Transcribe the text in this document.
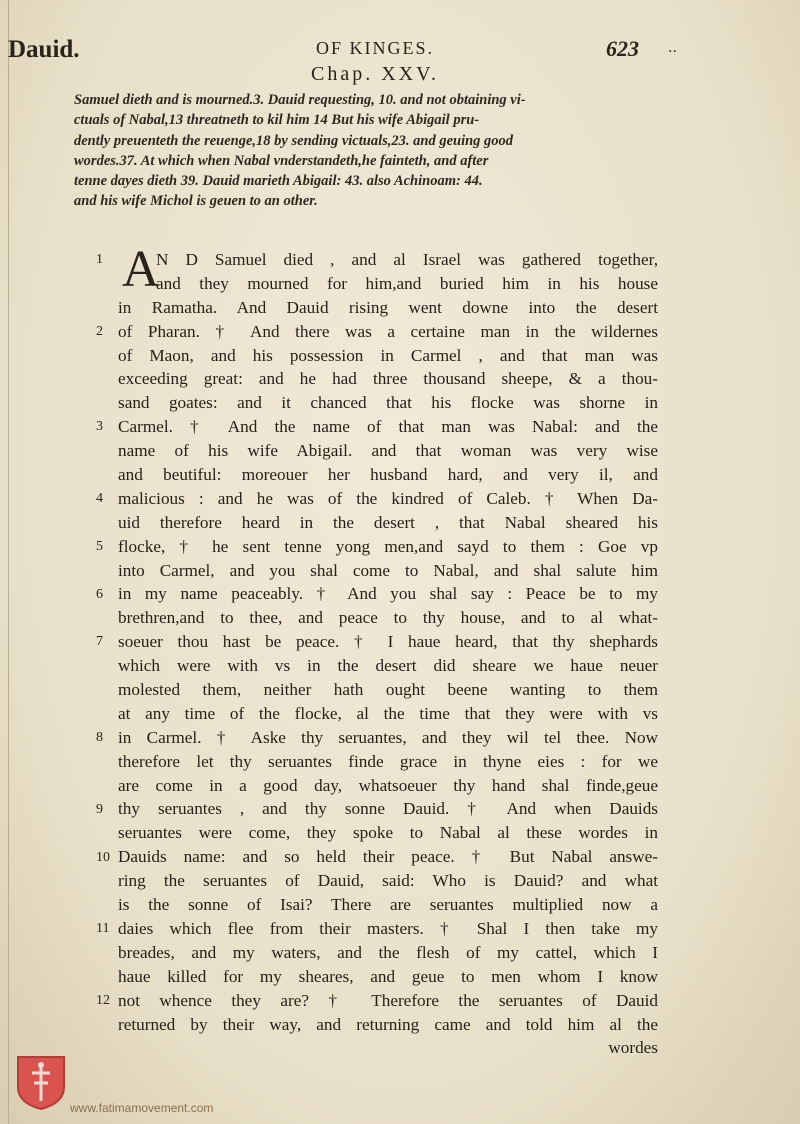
Dauid.	OF KINGES.	623 ..
Chap. XXV.
Samuel dieth and is mourned.3. Dauid requesting, 10. and not obtaining vi-
ctuals of Nabal,13 threatneth to kil him 14 But his wife Abigail pru-
dently preuenteth the reuenge,18 by sending victuals,23. and geuing good
wordes.37. At which when Nabal vnderstandeth,he fainteth, and after
tenne dayes dieth 39. Dauid marieth Abigail: 43. also Achinoam: 44.
and his wife Michol is geuen to an other.
A
1
2
3
4
5
6
7
8
9
10
11
12
N D Samuel died , and al Israel was gathered together,
and they mourned for him,and buried him in his house
in Ramatha. And Dauid rising went downe into the desert
of Pharan. † And there was a certaine man in the wildernes
of Maon, and his possession in Carmel , and that man was
exceeding great: and he had three thousand sheepe, & a thou-
sand goates: and it chanced that his flocke was shorne in
Carmel. † And the name of that man was Nabal: and the
name of his wife Abigail. and that woman was very wise
and beutiful: moreouer her husband hard, and very il, and
malicious : and he was of the kindred of Caleb. † When Da-
uid therefore heard in the desert , that Nabal sheared his
flocke, † he sent tenne yong men,and sayd to them : Goe vp
into Carmel, and you shal come to Nabal, and shal salute him
in my name peaceably. † And you shal say : Peace be to my
brethren,and to thee, and peace to thy house, and to al what-
soeuer thou hast be peace. † I haue heard, that thy shephards
which were with vs in the desert did sheare we haue neuer
molested them, neither hath ought beene wanting to them
at any time of the flocke, al the time that they were with vs
in Carmel. † Aske thy seruantes, and they wil tel thee. Now
therefore let thy seruantes finde grace in thyne eies : for we
are come in a good day, whatsoeuer thy hand shal finde,geue
thy seruantes , and thy sonne Dauid. † And when Dauids
seruantes were come, they spoke to Nabal al these wordes in
Dauids name: and so held their peace. † But Nabal answe-
ring the seruantes of Dauid, said: Who is Dauid? and what
is the sonne of Isai? There are seruantes multiplied now a
daies which flee from their masters. † Shal I then take my
breades, and my waters, and the flesh of my cattel, which I
haue killed for my sheares, and geue to men whom I know
not whence they are? † Therefore the seruantes of Dauid
returned by their way, and returning came and told him al the
wordes
www.fatimamovement.com
